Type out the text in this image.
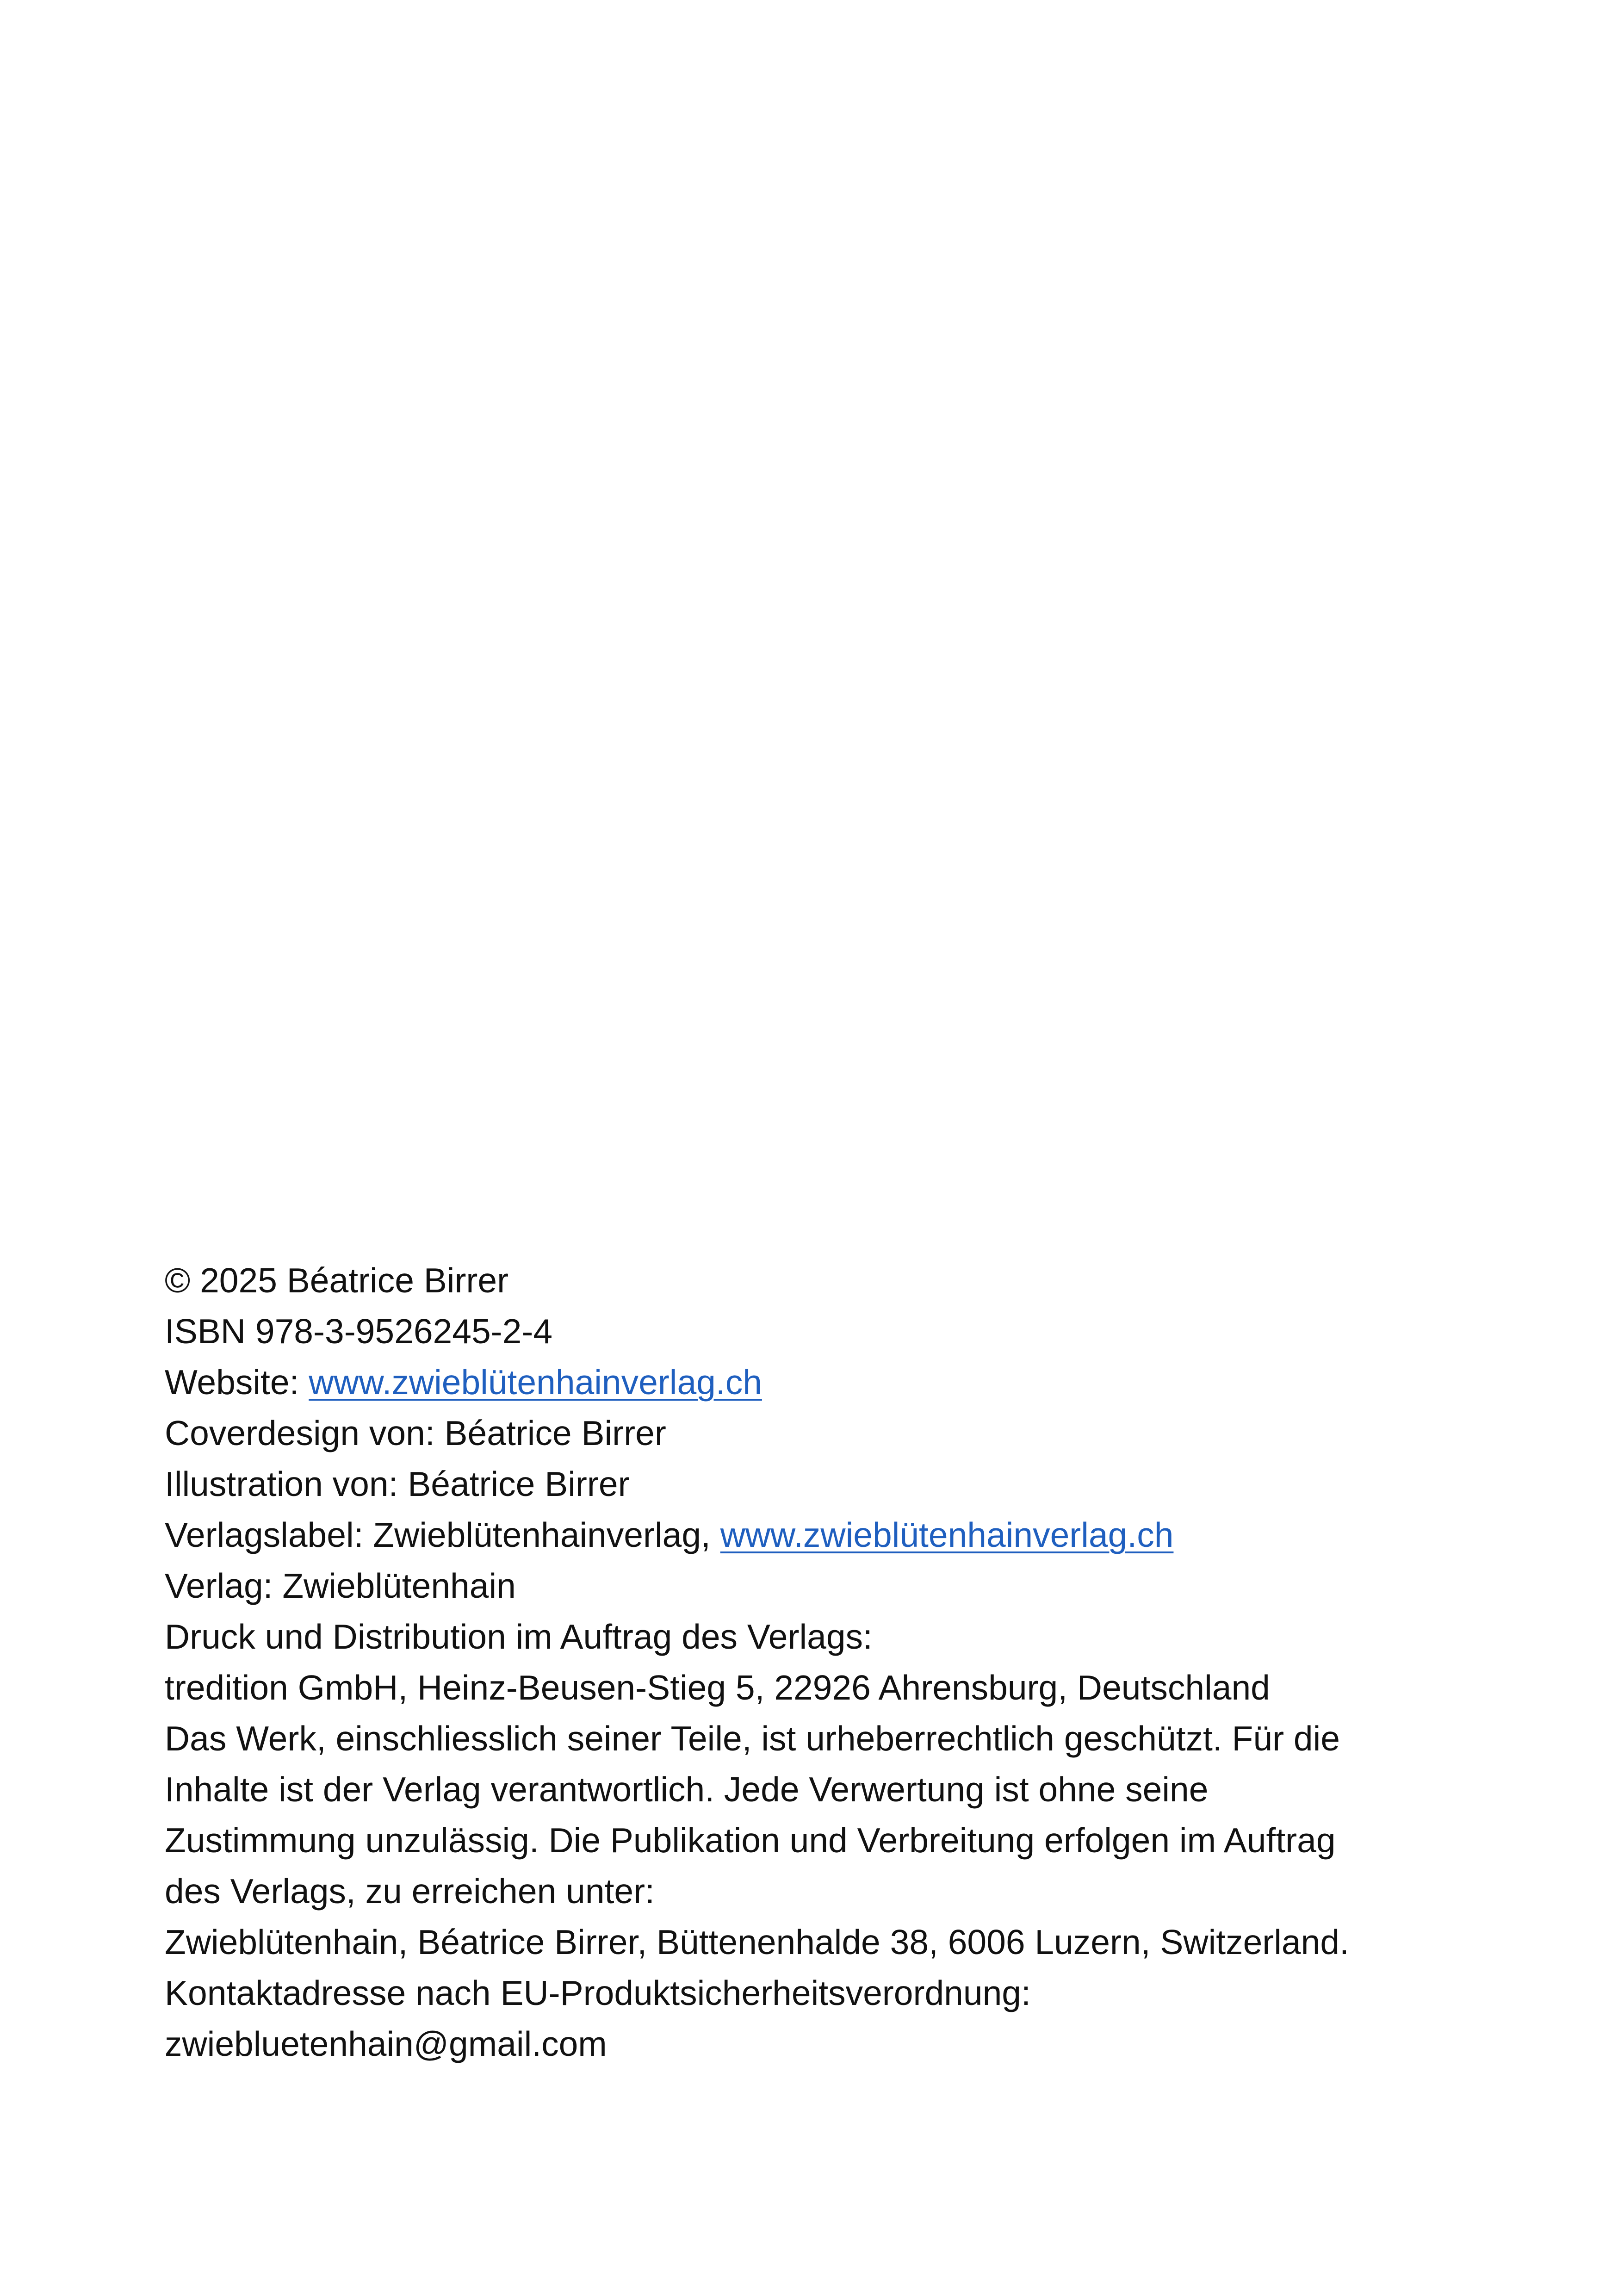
© 2025 Béatrice Birrer
ISBN 978-3-9526245-2-4
Website: www.zwieblütenhainverlag.ch
Coverdesign von: Béatrice Birrer
Illustration von: Béatrice Birrer
Verlagslabel: Zwieblütenhainverlag, www.zwieblütenhainverlag.ch
Verlag: Zwieblütenhain
Druck und Distribution im Auftrag des Verlags:
tredition GmbH, Heinz-Beusen-Stieg 5, 22926 Ahrensburg, Deutschland
Das Werk, einschliesslich seiner Teile, ist urheberrechtlich geschützt. Für die
Inhalte ist der Verlag verantwortlich. Jede Verwertung ist ohne seine
Zustimmung unzulässig. Die Publikation und Verbreitung erfolgen im Auftrag
des Verlags, zu erreichen unter:
Zwieblütenhain, Béatrice Birrer, Büttenenhalde 38, 6006 Luzern, Switzerland.
Kontaktadresse nach EU-Produktsicherheitsverordnung:
zwiebluetenhain@gmail.com
